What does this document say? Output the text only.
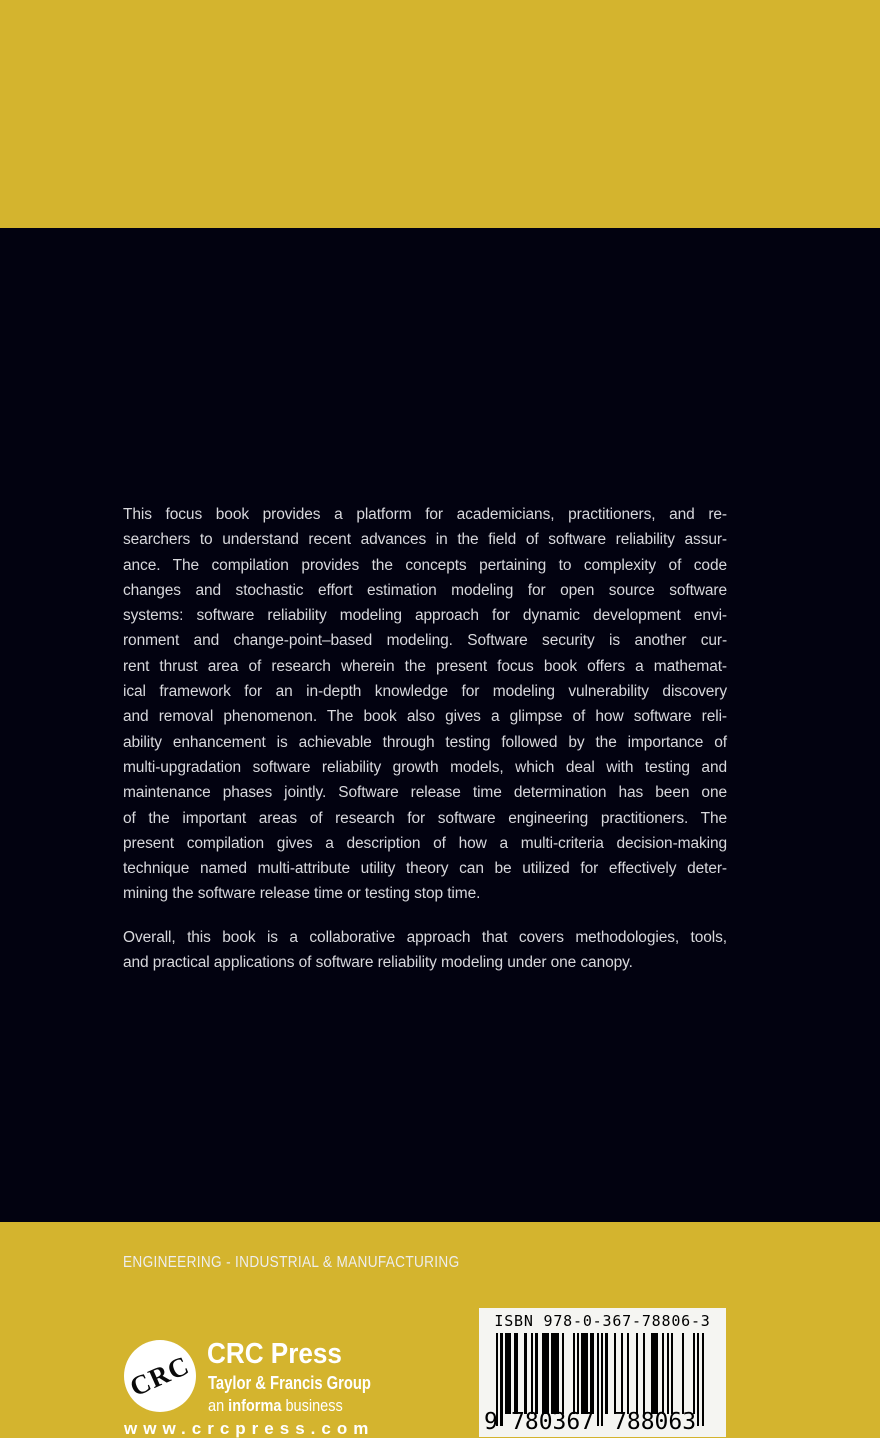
This focus book provides a platform for academicians, practitioners, and re-
searchers to understand recent advances in the field of software reliability assur-
ance. The compilation provides the concepts pertaining to complexity of code
changes and stochastic effort estimation modeling for open source software
systems: software reliability modeling approach for dynamic development envi-
ronment and change-point–based modeling. Software security is another cur-
rent thrust area of research wherein the present focus book offers a mathemat-
ical framework for an in-depth knowledge for modeling vulnerability discovery
and removal phenomenon. The book also gives a glimpse of how software reli-
ability enhancement is achievable through testing followed by the importance of
multi-upgradation software reliability growth models, which deal with testing and
maintenance phases jointly. Software release time determination has been one
of the important areas of research for software engineering practitioners. The
present compilation gives a description of how a multi-criteria decision-making
technique named multi-attribute utility theory can be utilized for effectively deter-
mining the software release time or testing stop time.
Overall, this book is a collaborative approach that covers methodologies, tools,
and practical applications of software reliability modeling under one canopy.
ENGINEERING - INDUSTRIAL & MANUFACTURING
CRC CRC Press
Taylor & Francis Group
an informa business
www.crcpress.com
ISBN 978-0-367-78806-3
9 780367 788063
